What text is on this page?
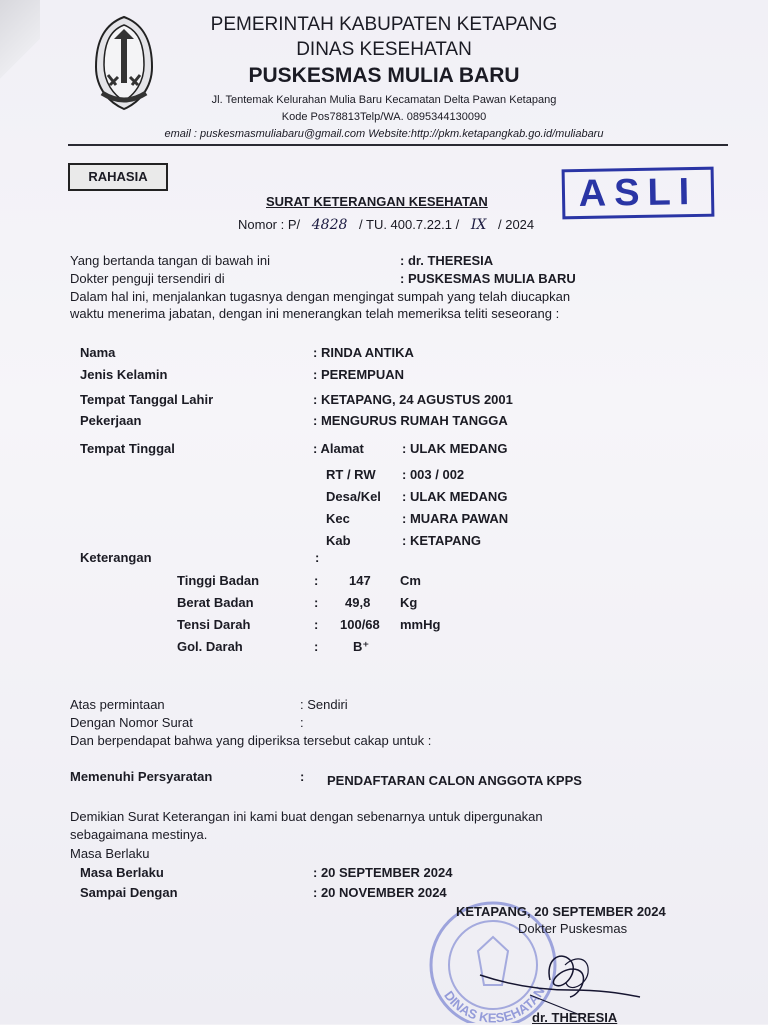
PEMERINTAH KABUPATEN KETAPANG
DINAS KESEHATAN
PUSKESMAS MULIA BARU
Jl. Tentemak Kelurahan Mulia Baru Kecamatan Delta Pawan Ketapang
Kode Pos78813Telp/WA. 0895344130090
email : puskesmasmuliabaru@gmail.com Website:http://pkm.ketapangkab.go.id/muliabaru
RAHASIA	ASLI
SURAT KETERANGAN KESEHATAN
Nomor : P/ 4828 / TU. 400.7.22.1 / IX / 2024
Yang bertanda tangan di bawah ini	: dr. THERESIA
Dokter penguji tersendiri di	: PUSKESMAS MULIA BARU
Dalam hal ini, menjalankan tugasnya dengan mengingat sumpah yang telah diucapkan
waktu menerima jabatan, dengan ini menerangkan telah memeriksa teliti seseorang :
Nama	: RINDA ANTIKA
Jenis Kelamin	: PEREMPUAN
Tempat Tanggal Lahir	: KETAPANG, 24 AGUSTUS 2001
Pekerjaan	: MENGURUS RUMAH TANGGA
Tempat Tinggal	: Alamat	: ULAK MEDANG
RT / RW : 003 / 002
Desa/Kel : ULAK MEDANG
Kec	: MUARA PAWAN
Kab	: KETAPANG
Keterangan	:
Tinggi Badan	: 147 Cm
Berat Badan	: 49,8 Kg
Tensi Darah	: 100/68 mmHg
Gol. Darah	:	B⁺
Atas permintaan	: Sendiri
Dengan Nomor Surat	:
Dan berpendapat bahwa yang diperiksa tersebut cakap untuk :
Memenuhi Persyaratan	: PENDAFTARAN CALON ANGGOTA KPPS
Demikian Surat Keterangan ini kami buat dengan sebenarnya untuk dipergunakan
sebagaimana mestinya.
Masa Berlaku
Masa Berlaku	: 20 SEPTEMBER 2024
Sampai Dengan	: 20 NOVEMBER 2024
DINAS KESEHATAN
KETAPANG, 20 SEPTEMBER 2024
Dokter Puskesmas
dr. THERESIA
